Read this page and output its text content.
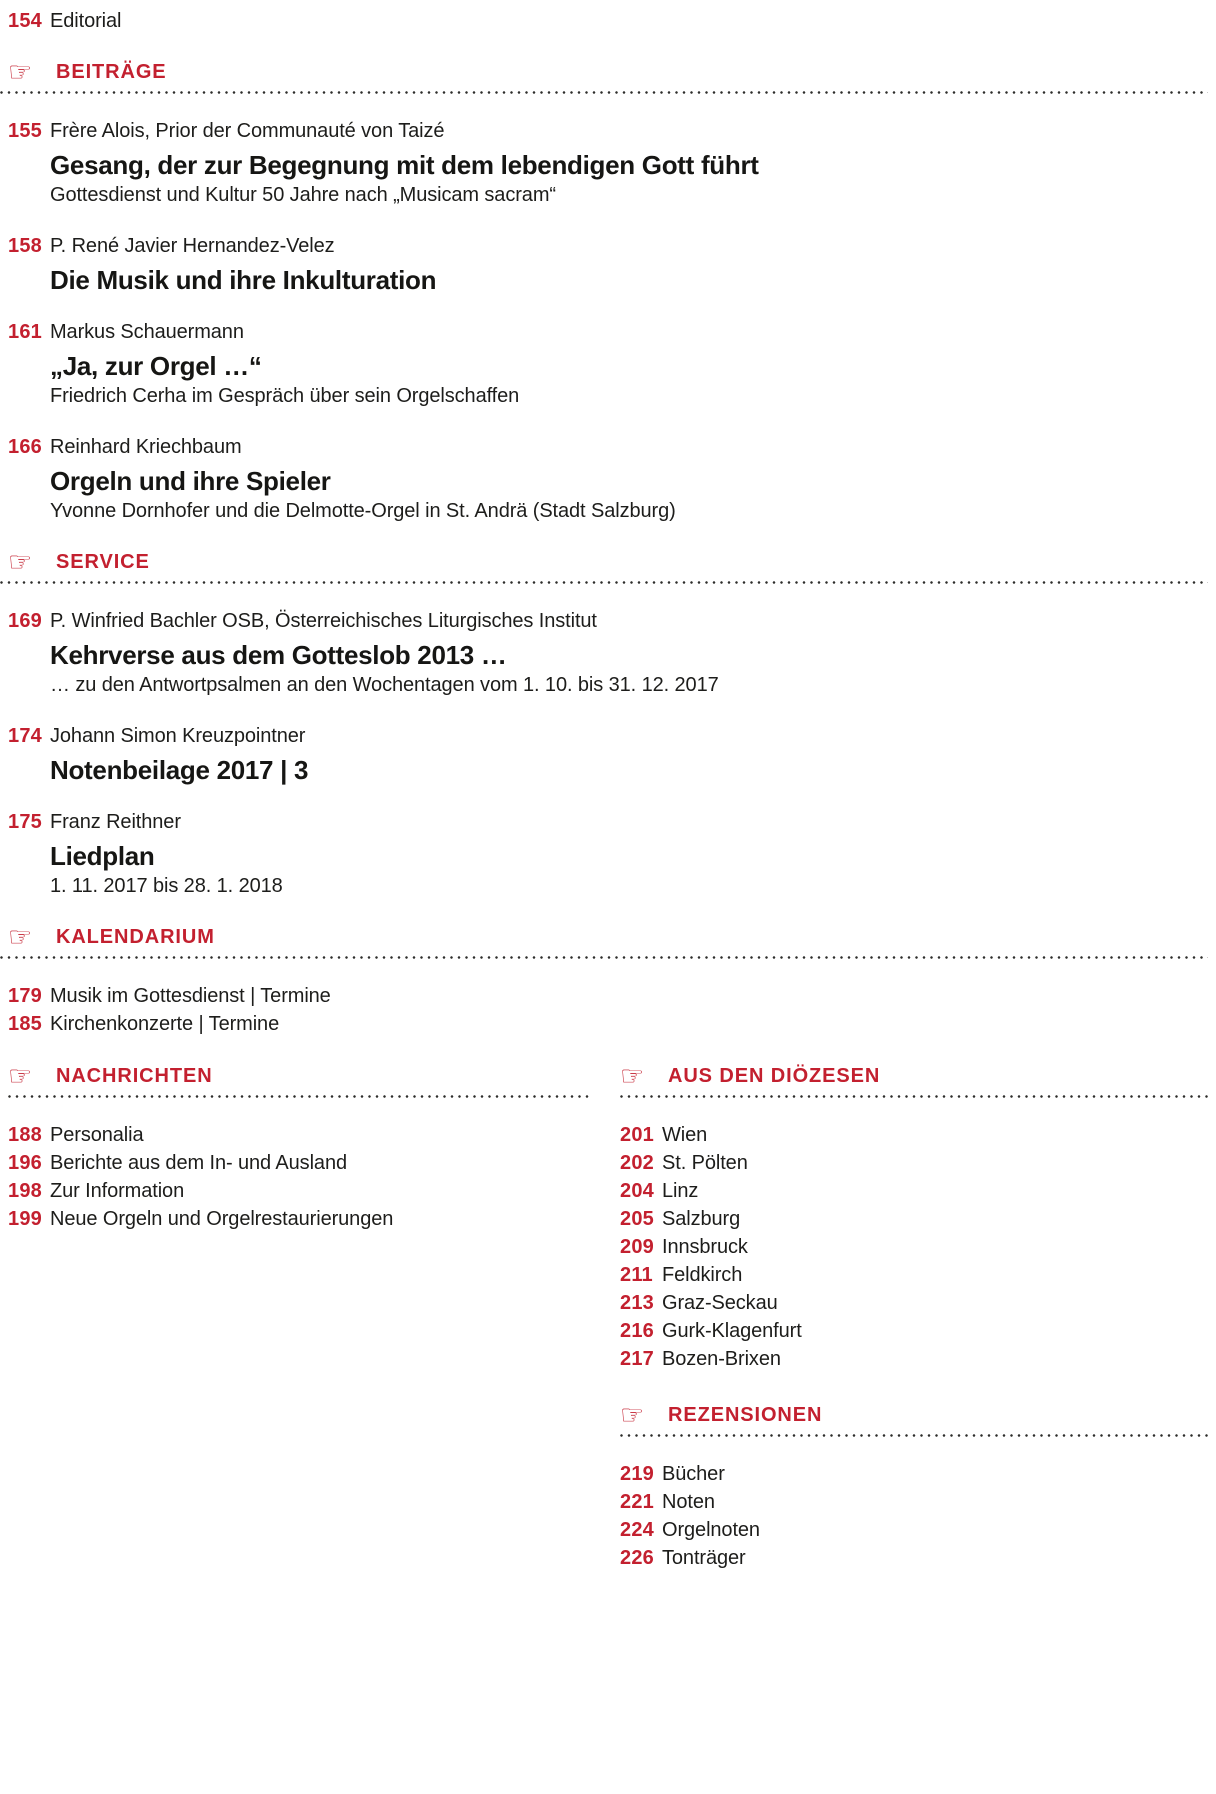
154 Editorial
☞	BEITRÄGE
155 Frère Alois, Prior der Communauté von Taizé
Gesang, der zur Begegnung mit dem lebendigen Gott führt
Gottesdienst und Kultur 50 Jahre nach „Musicam sacram“
158 P. René Javier Hernandez-Velez
Die Musik und ihre Inkulturation
161 Markus Schauermann
„Ja, zur Orgel …“
Friedrich Cerha im Gespräch über sein Orgelschaffen
166 Reinhard Kriechbaum
Orgeln und ihre Spieler
Yvonne Dornhofer und die Delmotte-Orgel in St. Andrä (Stadt Salzburg)
☞	SERVICE
169 P. Winfried Bachler OSB, Österreichisches Liturgisches Institut
Kehrverse aus dem Gotteslob 2013 …
… zu den Antwortpsalmen an den Wochentagen vom 1. 10. bis 31. 12. 2017
174 Johann Simon Kreuzpointner
Notenbeilage 2017 | 3
175 Franz Reithner
Liedplan
1. 11. 2017 bis 28. 1. 2018
☞	KALENDARIUM
179 Musik im Gottesdienst | Termine
185 Kirchenkonzerte | Termine
☞	NACHRICHTEN
188 Personalia
196 Berichte aus dem In- und Ausland
198 Zur Information
199 Neue Orgeln und Orgelrestaurierungen
☞	AUS DEN DIÖZESEN
201 Wien
202 St. Pölten
204 Linz
205 Salzburg
209 Innsbruck
211 Feldkirch
213 Graz-Seckau
216 Gurk-Klagenfurt
217 Bozen-Brixen
☞	REZENSIONEN
219 Bücher
221 Noten
224 Orgelnoten
226 Tonträger
